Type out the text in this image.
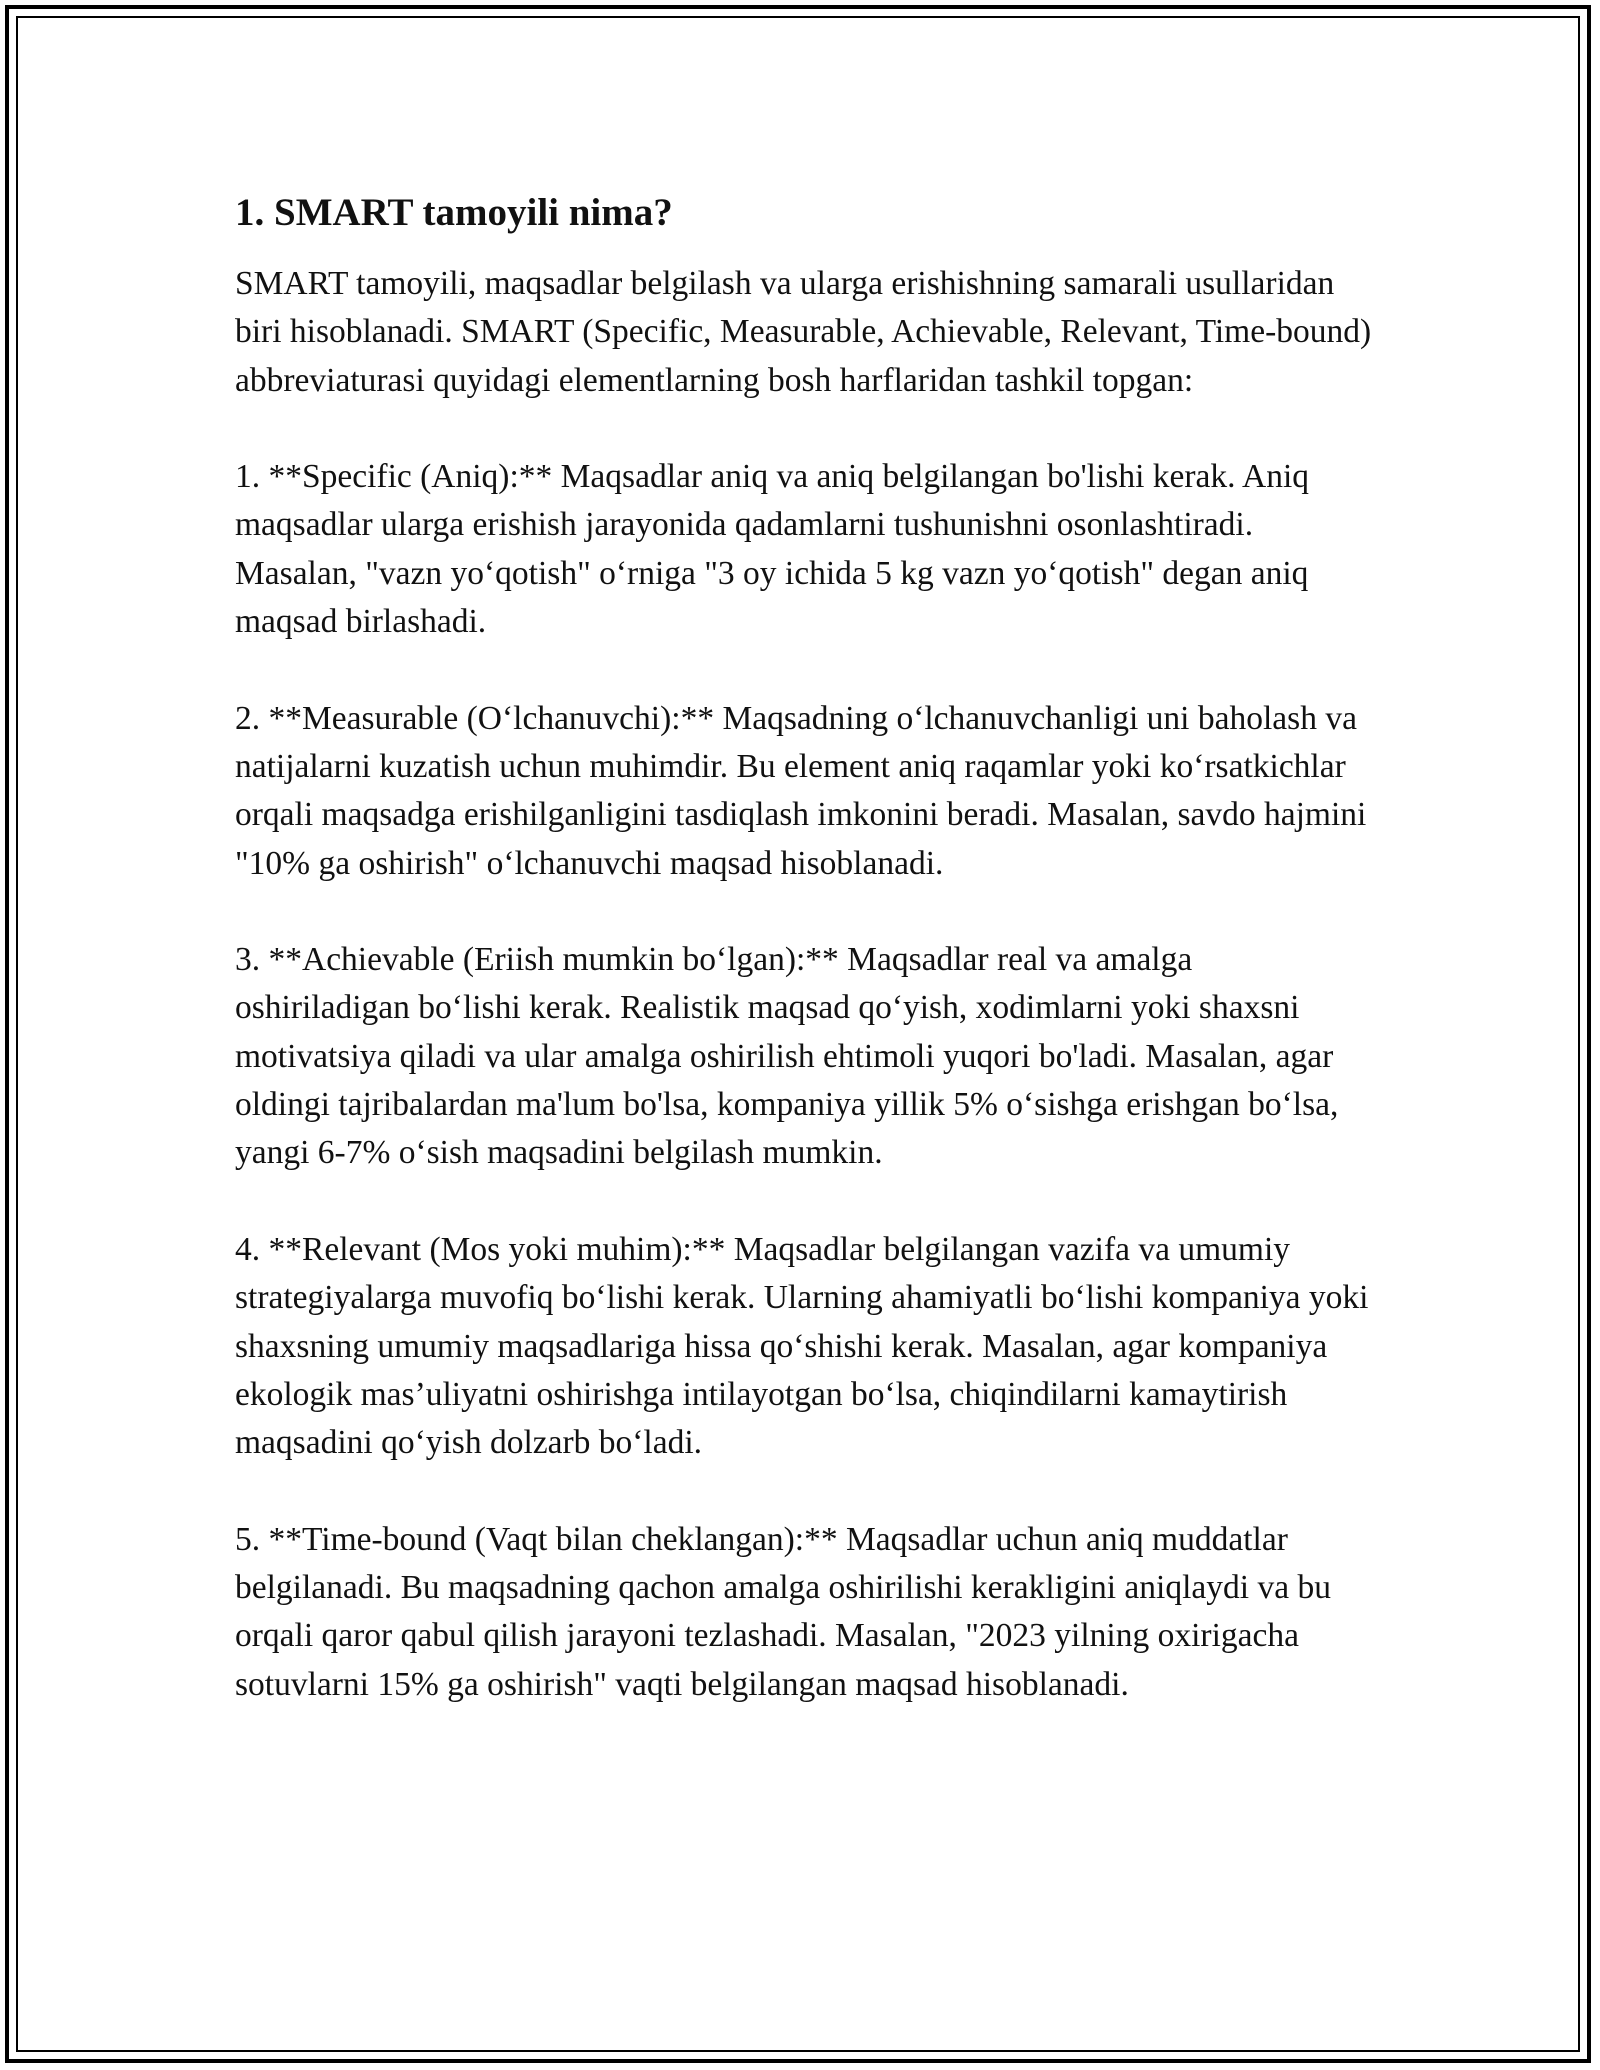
1. SMART tamoyili nima?

SMART tamoyili, maqsadlar belgilash va ularga erishishning samarali usullaridan biri hisoblanadi. SMART (Specific, Measurable, Achievable, Relevant, Time-bound) abbreviaturasi quyidagi elementlarning bosh harflaridan tashkil topgan:

1. **Specific (Aniq):** Maqsadlar aniq va aniq belgilangan bo'lishi kerak. Aniq maqsadlar ularga erishish jarayonida qadamlarni tushunishni osonlashtiradi. Masalan, "vazn yo‘qotish" o‘rniga "3 oy ichida 5 kg vazn yo‘qotish" degan aniq maqsad birlashadi.

2. **Measurable (O‘lchanuvchi):** Maqsadning o‘lchanuvchanligi uni baholash va natijalarni kuzatish uchun muhimdir. Bu element aniq raqamlar yoki ko‘rsatkichlar orqali maqsadga erishilganligini tasdiqlash imkonini beradi. Masalan, savdo hajmini "10% ga oshirish" o‘lchanuvchi maqsad hisoblanadi.

3. **Achievable (Eriish mumkin bo‘lgan):** Maqsadlar real va amalga oshiriladigan bo‘lishi kerak. Realistik maqsad qo‘yish, xodimlarni yoki shaxsni motivatsiya qiladi va ular amalga oshirilish ehtimoli yuqori bo'ladi. Masalan, agar oldingi tajribalardan ma'lum bo'lsa, kompaniya yillik 5% o‘sishga erishgan bo‘lsa, yangi 6-7% o‘sish maqsadini belgilash mumkin.

4. **Relevant (Mos yoki muhim):** Maqsadlar belgilangan vazifa va umumiy strategiyalarga muvofiq bo‘lishi kerak. Ularning ahamiyatli bo‘lishi kompaniya yoki shaxsning umumiy maqsadlariga hissa qo‘shishi kerak. Masalan, agar kompaniya ekologik mas’uliyatni oshirishga intilayotgan bo‘lsa, chiqindilarni kamaytirish maqsadini qo‘yish dolzarb bo‘ladi.

5. **Time-bound (Vaqt bilan cheklangan):** Maqsadlar uchun aniq muddatlar belgilanadi. Bu maqsadning qachon amalga oshirilishi kerakligini aniqlaydi va bu orqali qaror qabul qilish jarayoni tezlashadi. Masalan, "2023 yilning oxirigacha sotuvlarni 15% ga oshirish" vaqti belgilangan maqsad hisoblanadi.
